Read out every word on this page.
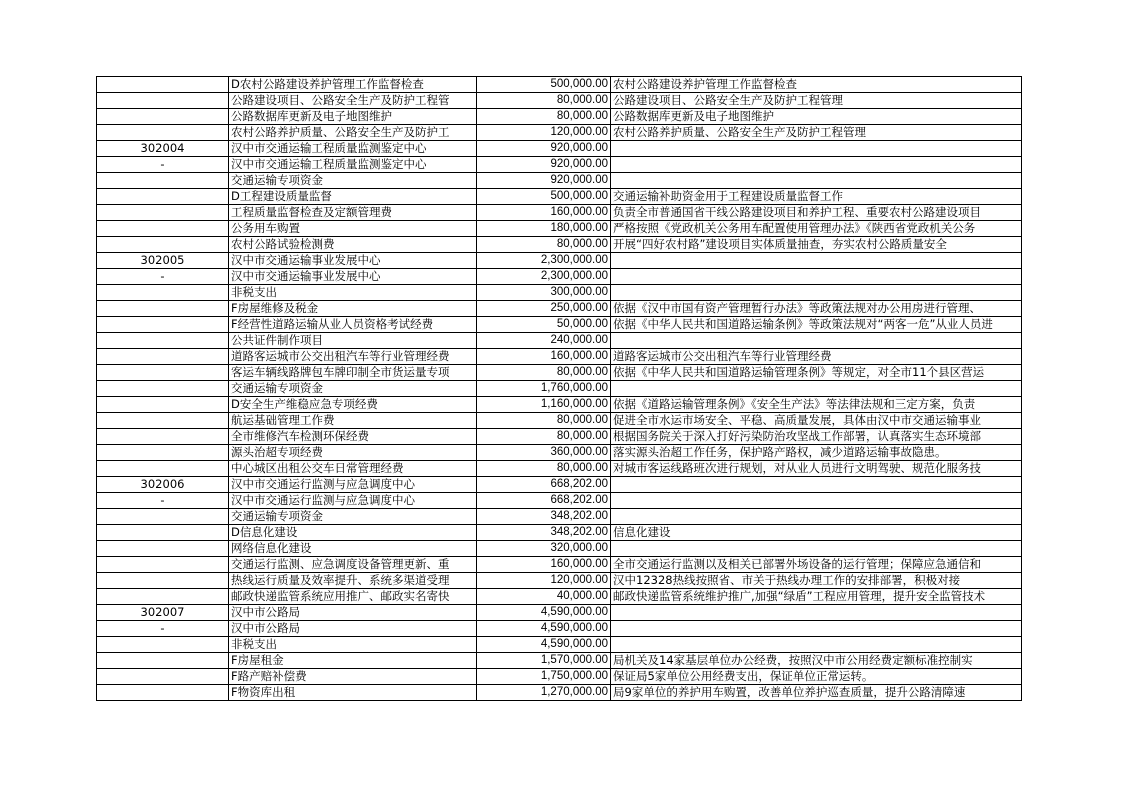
	D农村公路建设养护管理工作监督检查	500,000.00	农村公路建设养护管理工作监督检查
	公路建设项目、公路安全生产及防护工程管	80,000.00	公路建设项目、公路安全生产及防护工程管理
	公路数据库更新及电子地图维护	80,000.00	公路数据库更新及电子地图维护
	农村公路养护质量、公路安全生产及防护工	120,000.00	农村公路养护质量、公路安全生产及防护工程管理
302004	汉中市交通运输工程质量监测鉴定中心	920,000.00	
-	汉中市交通运输工程质量监测鉴定中心	920,000.00	
	交通运输专项资金	920,000.00	
	D工程建设质量监督	500,000.00	交通运输补助资金用于工程建设质量监督工作
	工程质量监督检查及定额管理费	160,000.00	负责全市普通国省干线公路建设项目和养护工程、重要农村公路建设项目
	公务用车购置	180,000.00	严格按照《党政机关公务用车配置使用管理办法》《陕西省党政机关公务
	农村公路试验检测费	80,000.00	开展“四好农村路”建设项目实体质量抽查，夯实农村公路质量安全
302005	汉中市交通运输事业发展中心	2,300,000.00	
-	汉中市交通运输事业发展中心	2,300,000.00	
	非税支出	300,000.00	
	F房屋维修及税金	250,000.00	依据《汉中市国有资产管理暂行办法》等政策法规对办公用房进行管理、
	F经营性道路运输从业人员资格考试经费	50,000.00	依据《中华人民共和国道路运输条例》等政策法规对“两客一危”从业人员进
	公共证件制作项目	240,000.00	
	道路客运城市公交出租汽车等行业管理经费	160,000.00	道路客运城市公交出租汽车等行业管理经费
	客运车辆线路牌包车牌印制全市货运量专项	80,000.00	依据《中华人民共和国道路运输管理条例》等规定，对全市11个县区营运
	交通运输专项资金	1,760,000.00	
	D安全生产维稳应急专项经费	1,160,000.00	依据《道路运输管理条例》《安全生产法》等法律法规和三定方案，负责
	航运基础管理工作费	80,000.00	促进全市水运市场安全、平稳、高质量发展，具体由汉中市交通运输事业
	全市维修汽车检测环保经费	80,000.00	根据国务院关于深入打好污染防治攻坚战工作部署，认真落实生态环境部
	源头治超专项经费	360,000.00	落实源头治超工作任务，保护路产路权，减少道路运输事故隐患。
	中心城区出租公交车日常管理经费	80,000.00	对城市客运线路班次进行规划，对从业人员进行文明驾驶、规范化服务技
302006	汉中市交通运行监测与应急调度中心	668,202.00	
-	汉中市交通运行监测与应急调度中心	668,202.00	
	交通运输专项资金	348,202.00	
	D信息化建设	348,202.00	信息化建设
	网络信息化建设	320,000.00	
	交通运行监测、应急调度设备管理更新、重	160,000.00	全市交通运行监测以及相关已部署外场设备的运行管理；保障应急通信和
	热线运行质量及效率提升、系统多渠道受理	120,000.00	汉中12328热线按照省、市关于热线办理工作的安排部署，积极对接
	邮政快递监管系统应用推广、邮政实名寄快	40,000.00	邮政快递监管系统维护推广,加强“绿盾”工程应用管理，提升安全监管技术
302007	汉中市公路局	4,590,000.00	
-	汉中市公路局	4,590,000.00	
	非税支出	4,590,000.00	
	F房屋租金	1,570,000.00	局机关及14家基层单位办公经费，按照汉中市公用经费定额标准控制实
	F路产赔补偿费	1,750,000.00	保证局5家单位公用经费支出，保证单位正常运转。
	F物资库出租	1,270,000.00	局9家单位的养护用车购置，改善单位养护巡查质量，提升公路清障速
